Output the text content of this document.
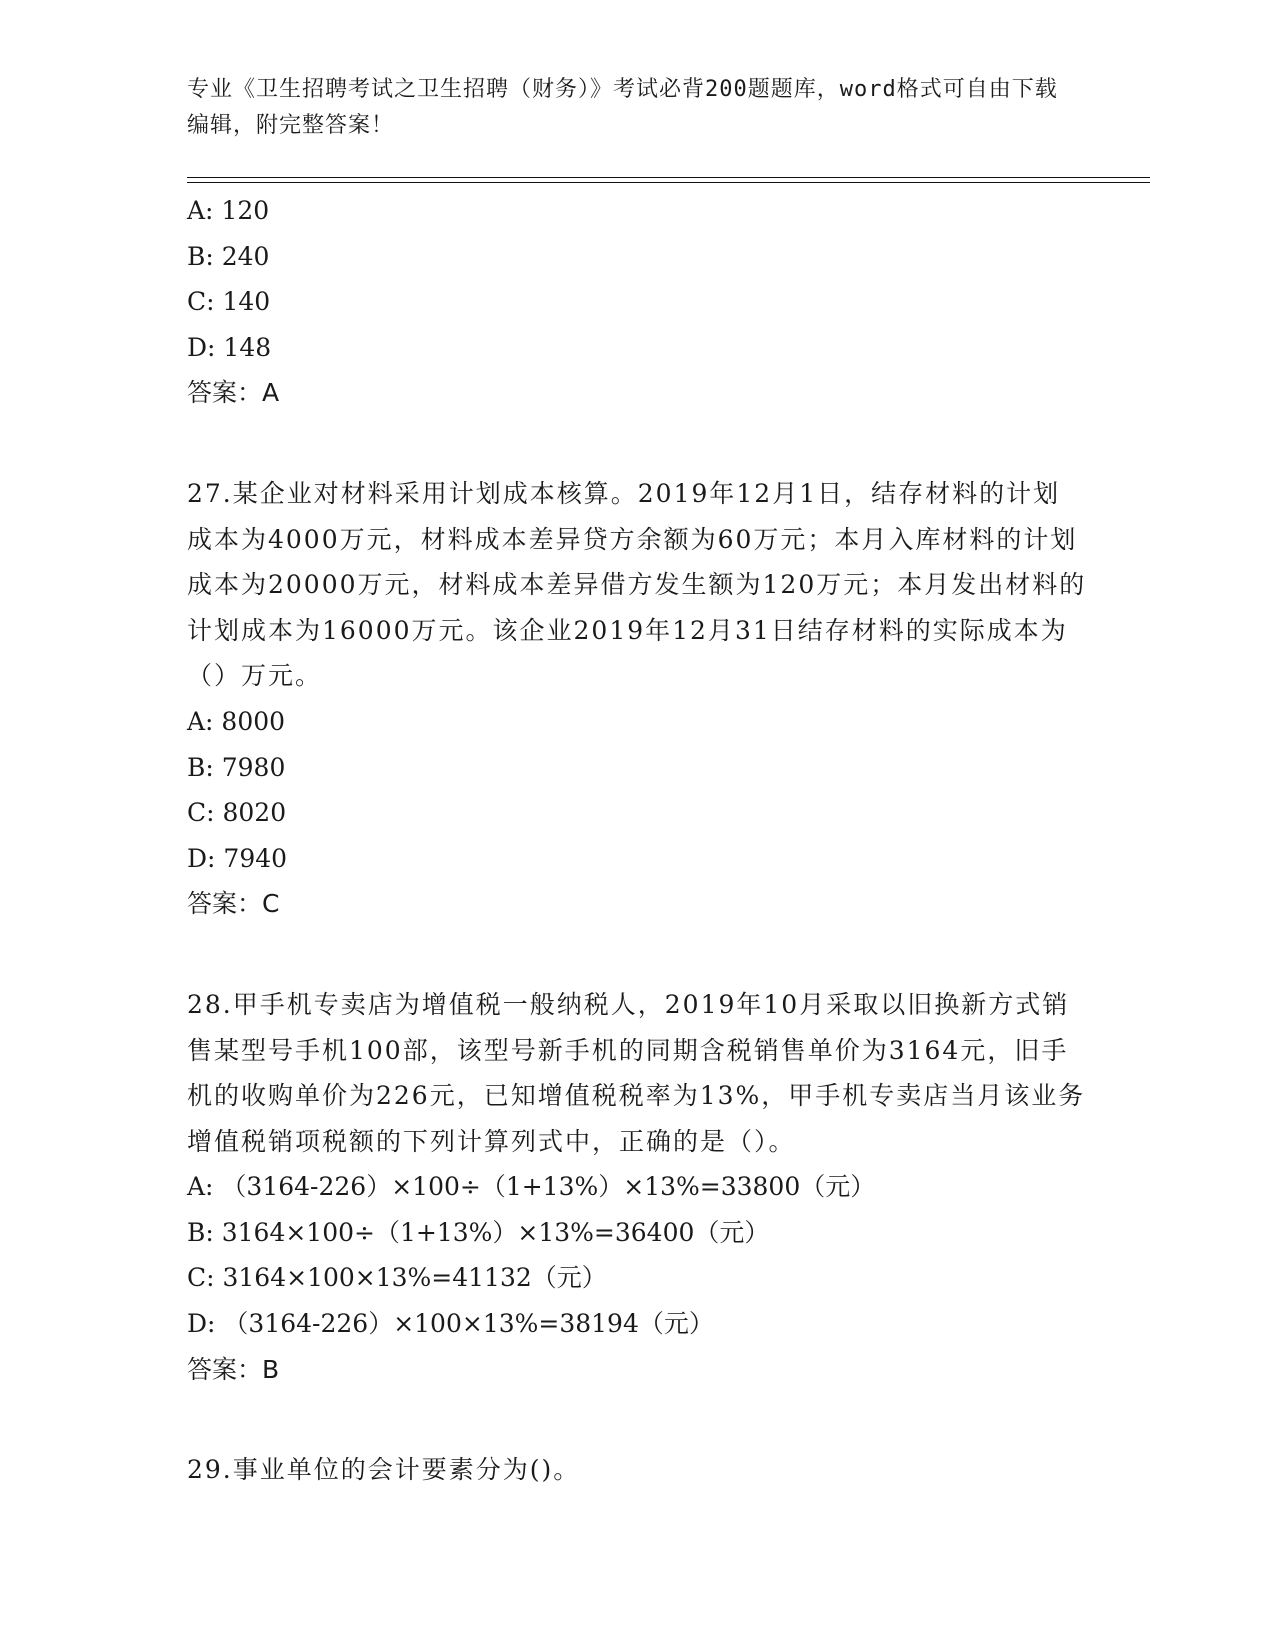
专业《卫生招聘考试之卫生招聘（财务）》考试必背200题题库，word格式可自由下载编辑，附完整答案！
A: 120
B: 240
C: 140
D: 148
答案：A
27.某企业对材料采用计划成本核算。2019年12月1日，结存材料的计划成本为4000万元，材料成本差异贷方余额为60万元；本月入库材料的计划成本为20000万元，材料成本差异借方发生额为120万元；本月发出材料的计划成本为16000万元。该企业2019年12月31日结存材料的实际成本为（）万元。
A: 8000
B: 7980
C: 8020
D: 7940
答案：C
28.甲手机专卖店为增值税一般纳税人，2019年10月采取以旧换新方式销售某型号手机100部，该型号新手机的同期含税销售单价为3164元，旧手机的收购单价为226元，已知增值税税率为13%，甲手机专卖店当月该业务增值税销项税额的下列计算列式中，正确的是（）。
A: （3164-226）×100÷（1+13%）×13%=33800（元）
B: 3164×100÷（1+13%）×13%=36400（元）
C: 3164×100×13%=41132（元）
D: （3164-226）×100×13%=38194（元）
答案：B
29.事业单位的会计要素分为()。
